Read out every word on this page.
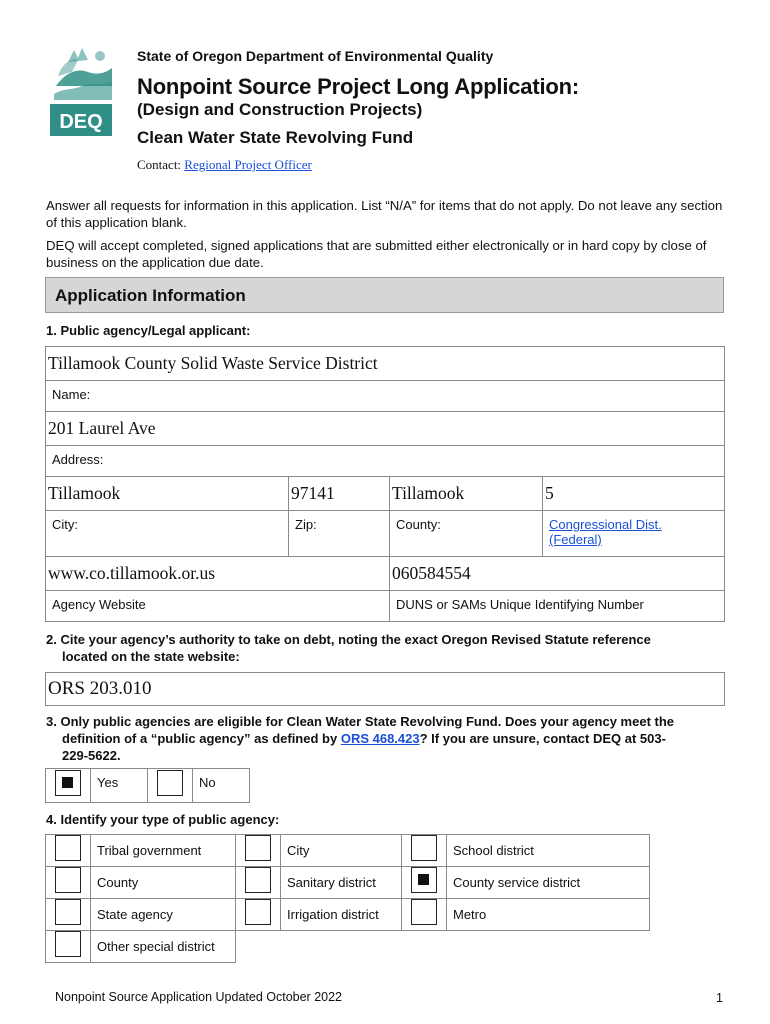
DEQ
State of Oregon Department of Environmental Quality
Nonpoint Source Project Long Application:
(Design and Construction Projects)
Clean Water State Revolving Fund
Contact: Regional Project Officer
Answer all requests for information in this application. List “N/A” for items that do not apply. Do not leave any section of this application blank.
DEQ will accept completed, signed applications that are submitted either electronically or in hard copy by close of business on the application due date.
Application Information
1. Public agency/Legal applicant:
Tillamook County Solid Waste Service District			
Name:			
201 Laurel Ave			
Address:			
Tillamook	97141	Tillamook	5
City:	Zip:	County:	Congressional Dist.
(Federal)
www.co.tillamook.or.us		060584554	
Agency Website		DUNS or SAMs Unique Identifying Number	
2. Cite your agency’s authority to take on debt, noting the exact Oregon Revised Statute reference
located on the state website:
ORS 203.010
3. Only public agencies are eligible for Clean Water State Revolving Fund. Does your agency meet the
definition of a “public agency” as defined by ORS 468.423? If you are unsure, contact DEQ at 503-
229-5622.
	Yes		No
4. Identify your type of public agency:
	Tribal government		City		School district
	County		Sanitary district		County service district
	State agency		Irrigation district		Metro
	Other special district				
Nonpoint Source Application Updated October 2022	1
